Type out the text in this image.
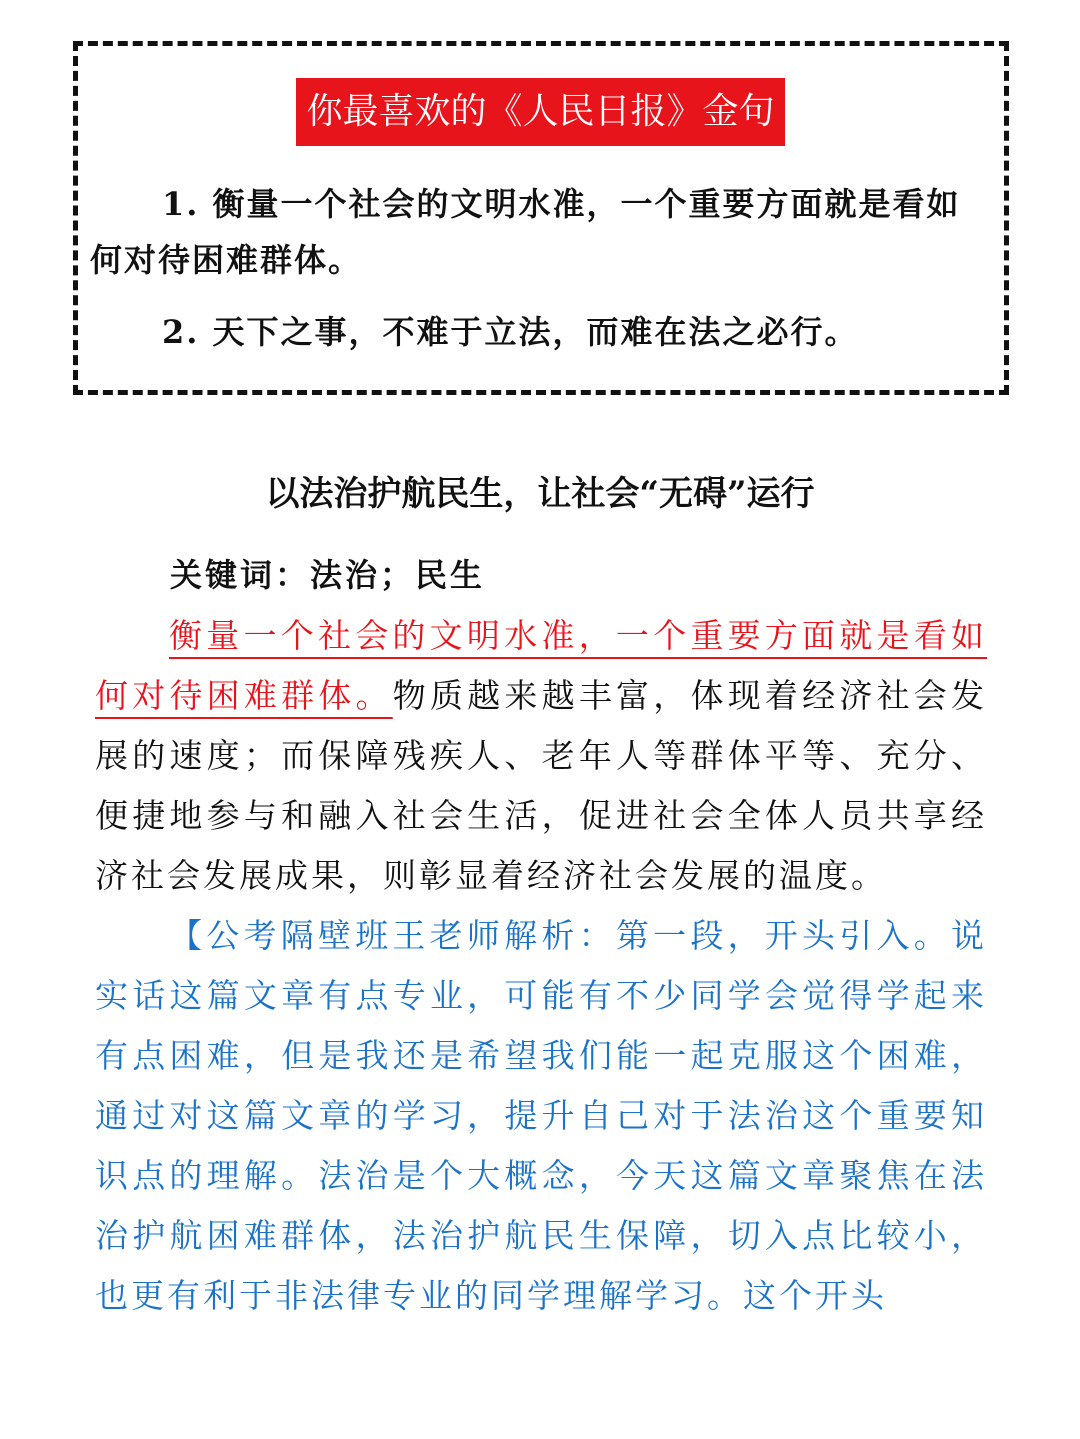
你最喜欢的《人民日报》金句

1. 衡量一个社会的文明水准，一个重要方面就是看如何对待困难群体。

2. 天下之事，不难于立法，而难在法之必行。

以法治护航民生，让社会“无碍”运行

关键词：法治；民生

衡量一个社会的文明水准，一个重要方面就是看如何对待困难群体。物质越来越丰富，体现着经济社会发展的速度；而保障残疾人、老年人等群体平等、充分、便捷地参与和融入社会生活，促进社会全体人员共享经济社会发展成果，则彰显着经济社会发展的温度。

【公考隔壁班王老师解析：第一段，开头引入。说实话这篇文章有点专业，可能有不少同学会觉得学起来有点困难，但是我还是希望我们能一起克服这个困难，通过对这篇文章的学习，提升自己对于法治这个重要知识点的理解。法治是个大概念，今天这篇文章聚焦在法治护航困难群体，法治护航民生保障，切入点比较小，也更有利于非法律专业的同学理解学习。这个开头
